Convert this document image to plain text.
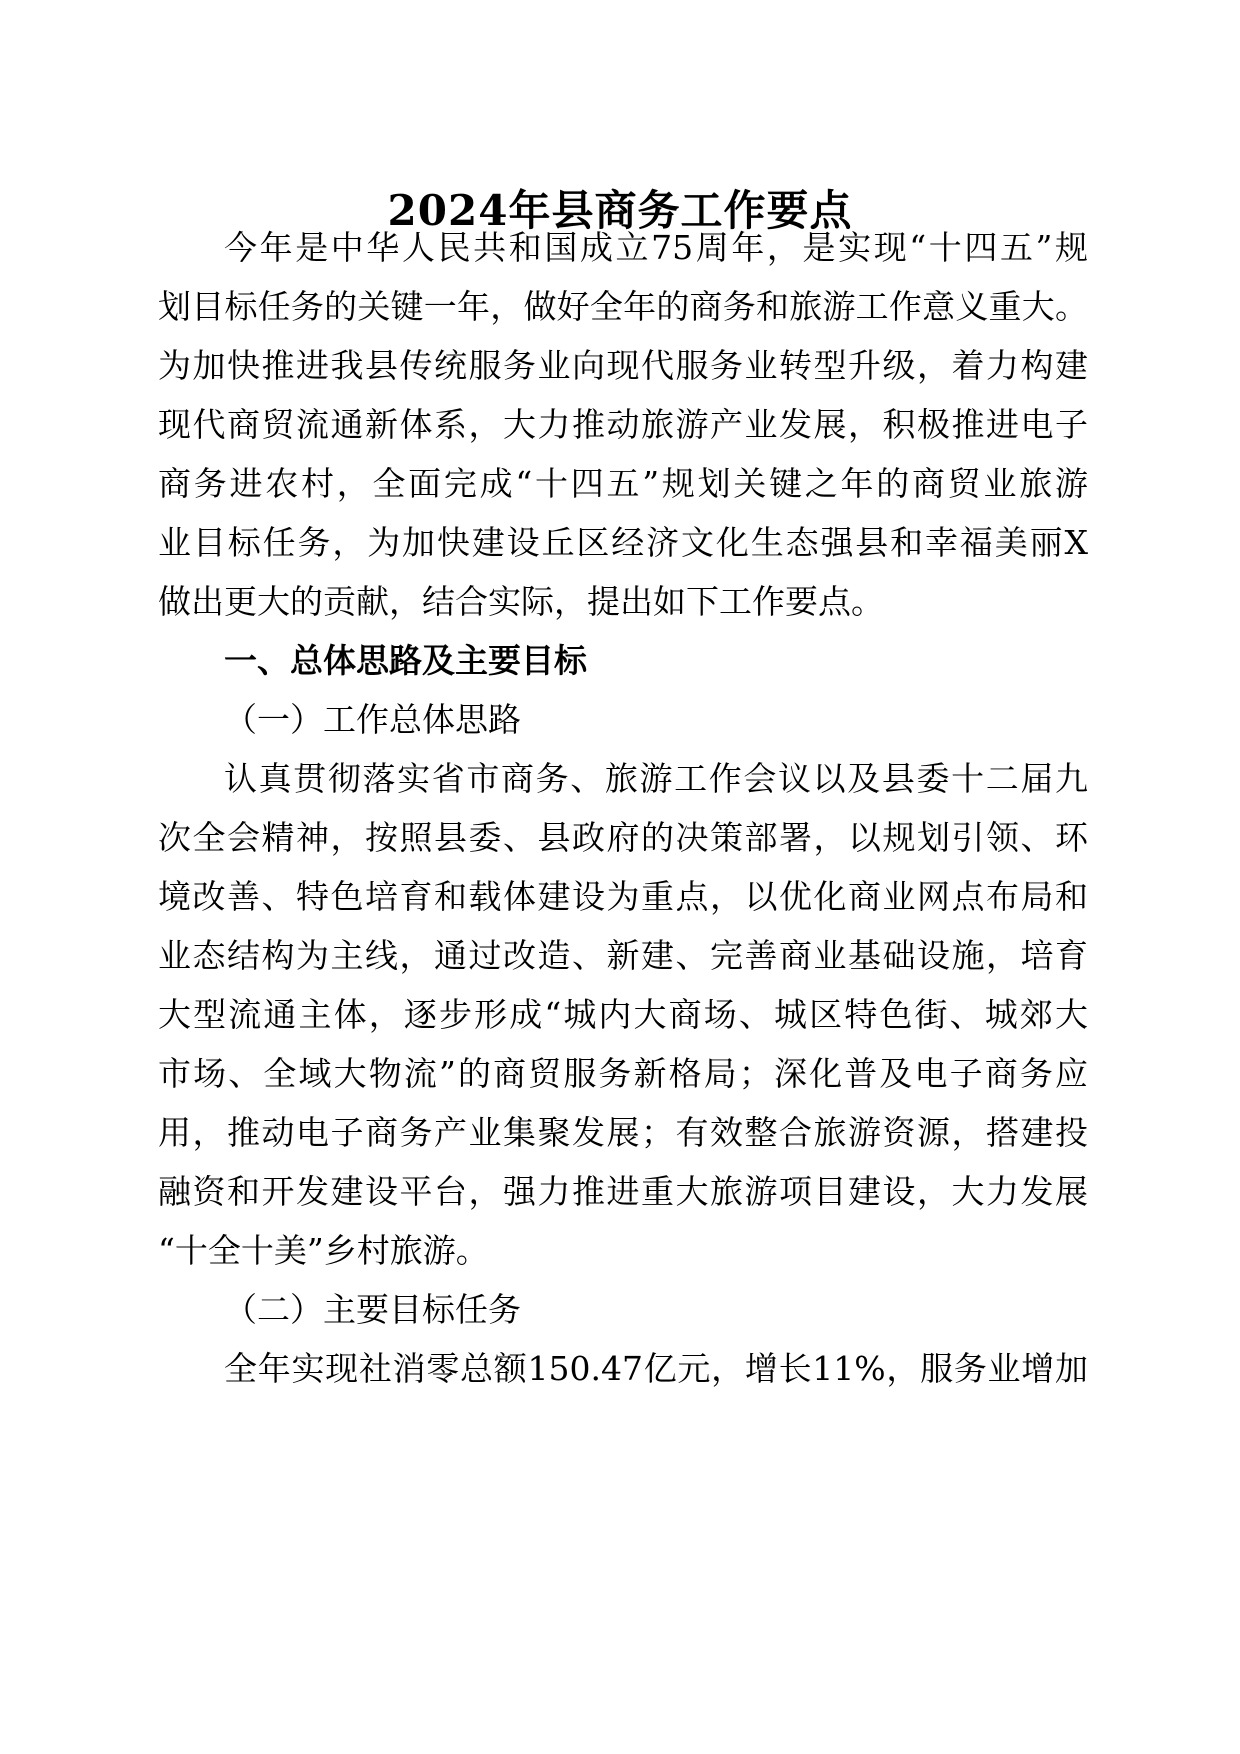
2024年县商务工作要点

今年是中华人民共和国成立75周年，是实现“十四五”规

划目标任务的关键一年，做好全年的商务和旅游工作意义重大。

为加快推进我县传统服务业向现代服务业转型升级，着力构建

现代商贸流通新体系，大力推动旅游产业发展，积极推进电子

商务进农村，全面完成“十四五”规划关键之年的商贸业旅游

业目标任务，为加快建设丘区经济文化生态强县和幸福美丽X

做出更大的贡献，结合实际，提出如下工作要点。

一、总体思路及主要目标

（一）工作总体思路

认真贯彻落实省市商务、旅游工作会议以及县委十二届九

次全会精神，按照县委、县政府的决策部署，以规划引领、环

境改善、特色培育和载体建设为重点，以优化商业网点布局和

业态结构为主线，通过改造、新建、完善商业基础设施，培育

大型流通主体，逐步形成“城内大商场、城区特色街、城郊大

市场、全域大物流”的商贸服务新格局；深化普及电子商务应

用，推动电子商务产业集聚发展；有效整合旅游资源，搭建投

融资和开发建设平台，强力推进重大旅游项目建设，大力发展

“十全十美”乡村旅游。

（二）主要目标任务

全年实现社消零总额150.47亿元，增长11%，服务业增加
